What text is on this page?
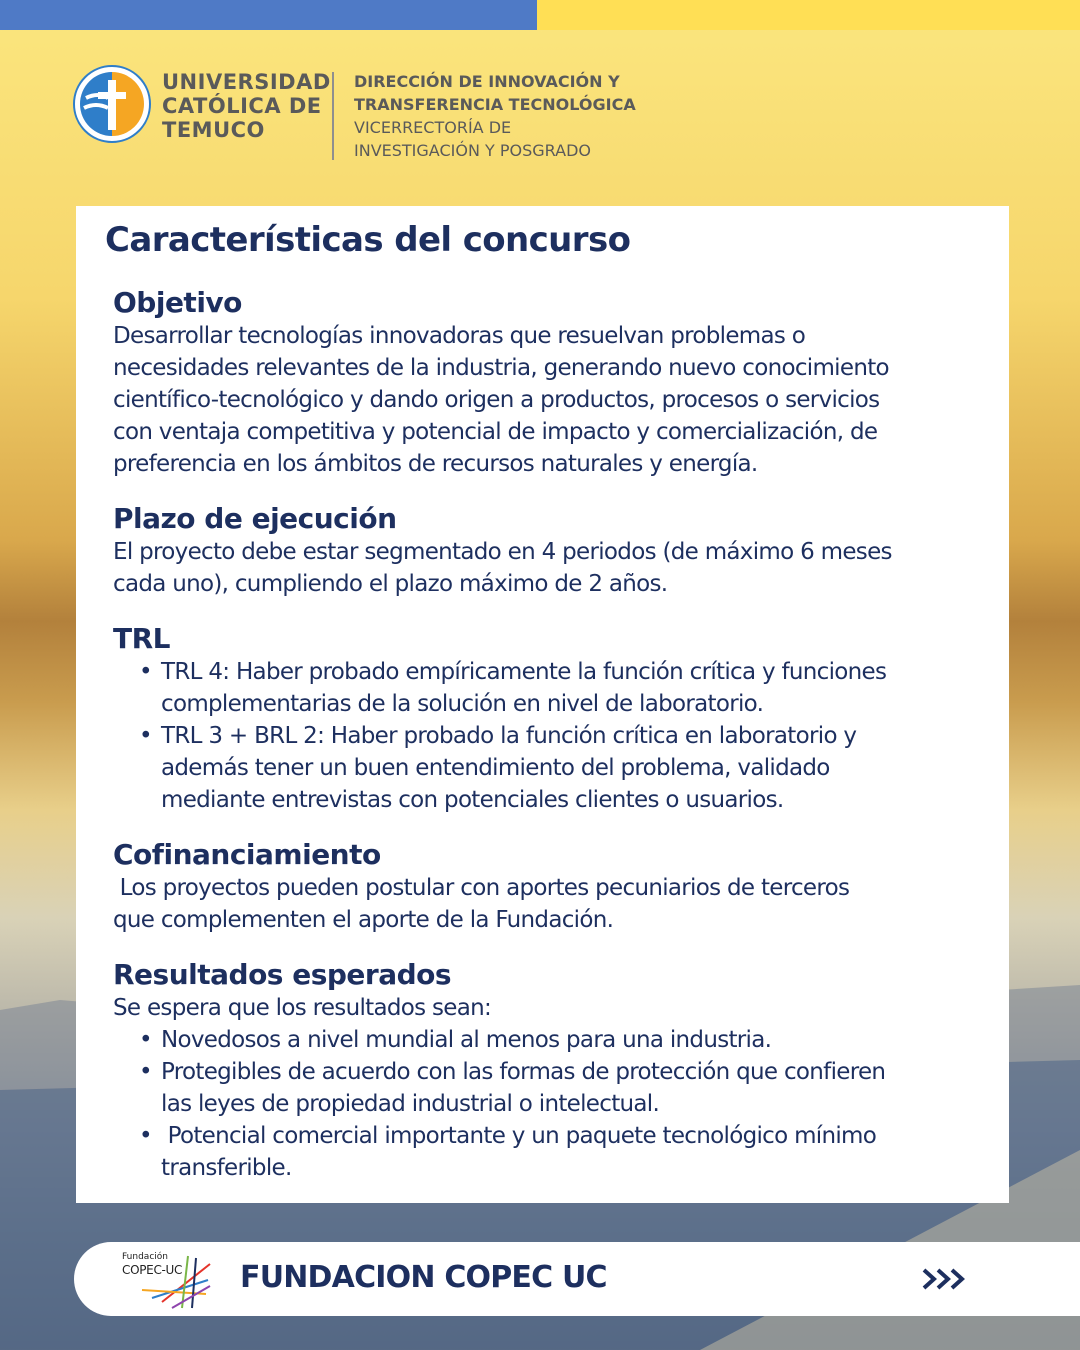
UNIVERSIDAD
CATÓLICA DE
TEMUCO
DIRECCIÓN DE INNOVACIÓN Y
TRANSFERENCIA TECNOLÓGICA
VICERRECTORÍA DE
INVESTIGACIÓN Y POSGRADO
Características del concurso
Objetivo
Desarrollar tecnologías innovadoras que resuelvan problemas o
necesidades relevantes de la industria, generando nuevo conocimiento
científico-tecnológico y dando origen a productos, procesos o servicios
con ventaja competitiva y potencial de impacto y comercialización, de
preferencia en los ámbitos de recursos naturales y energía.
Plazo de ejecución
El proyecto debe estar segmentado en 4 periodos (de máximo 6 meses
cada uno), cumpliendo el plazo máximo de 2 años.
TRL
• TRL 4: Haber probado empíricamente la función crítica y funciones
complementarias de la solución en nivel de laboratorio.
• TRL 3 + BRL 2: Haber probado la función crítica en laboratorio y
además tener un buen entendimiento del problema, validado
mediante entrevistas con potenciales clientes o usuarios.
Cofinanciamiento
Los proyectos pueden postular con aportes pecuniarios de terceros
que complementen el aporte de la Fundación.
Resultados esperados
Se espera que los resultados sean:
• Novedosos a nivel mundial al menos para una industria.
• Protegibles de acuerdo con las formas de protección que confieren
las leyes de propiedad industrial o intelectual.
•  Potencial comercial importante y un paquete tecnológico mínimo
transferible.
Fundación
COPEC-UC FUNDACION COPEC UC
